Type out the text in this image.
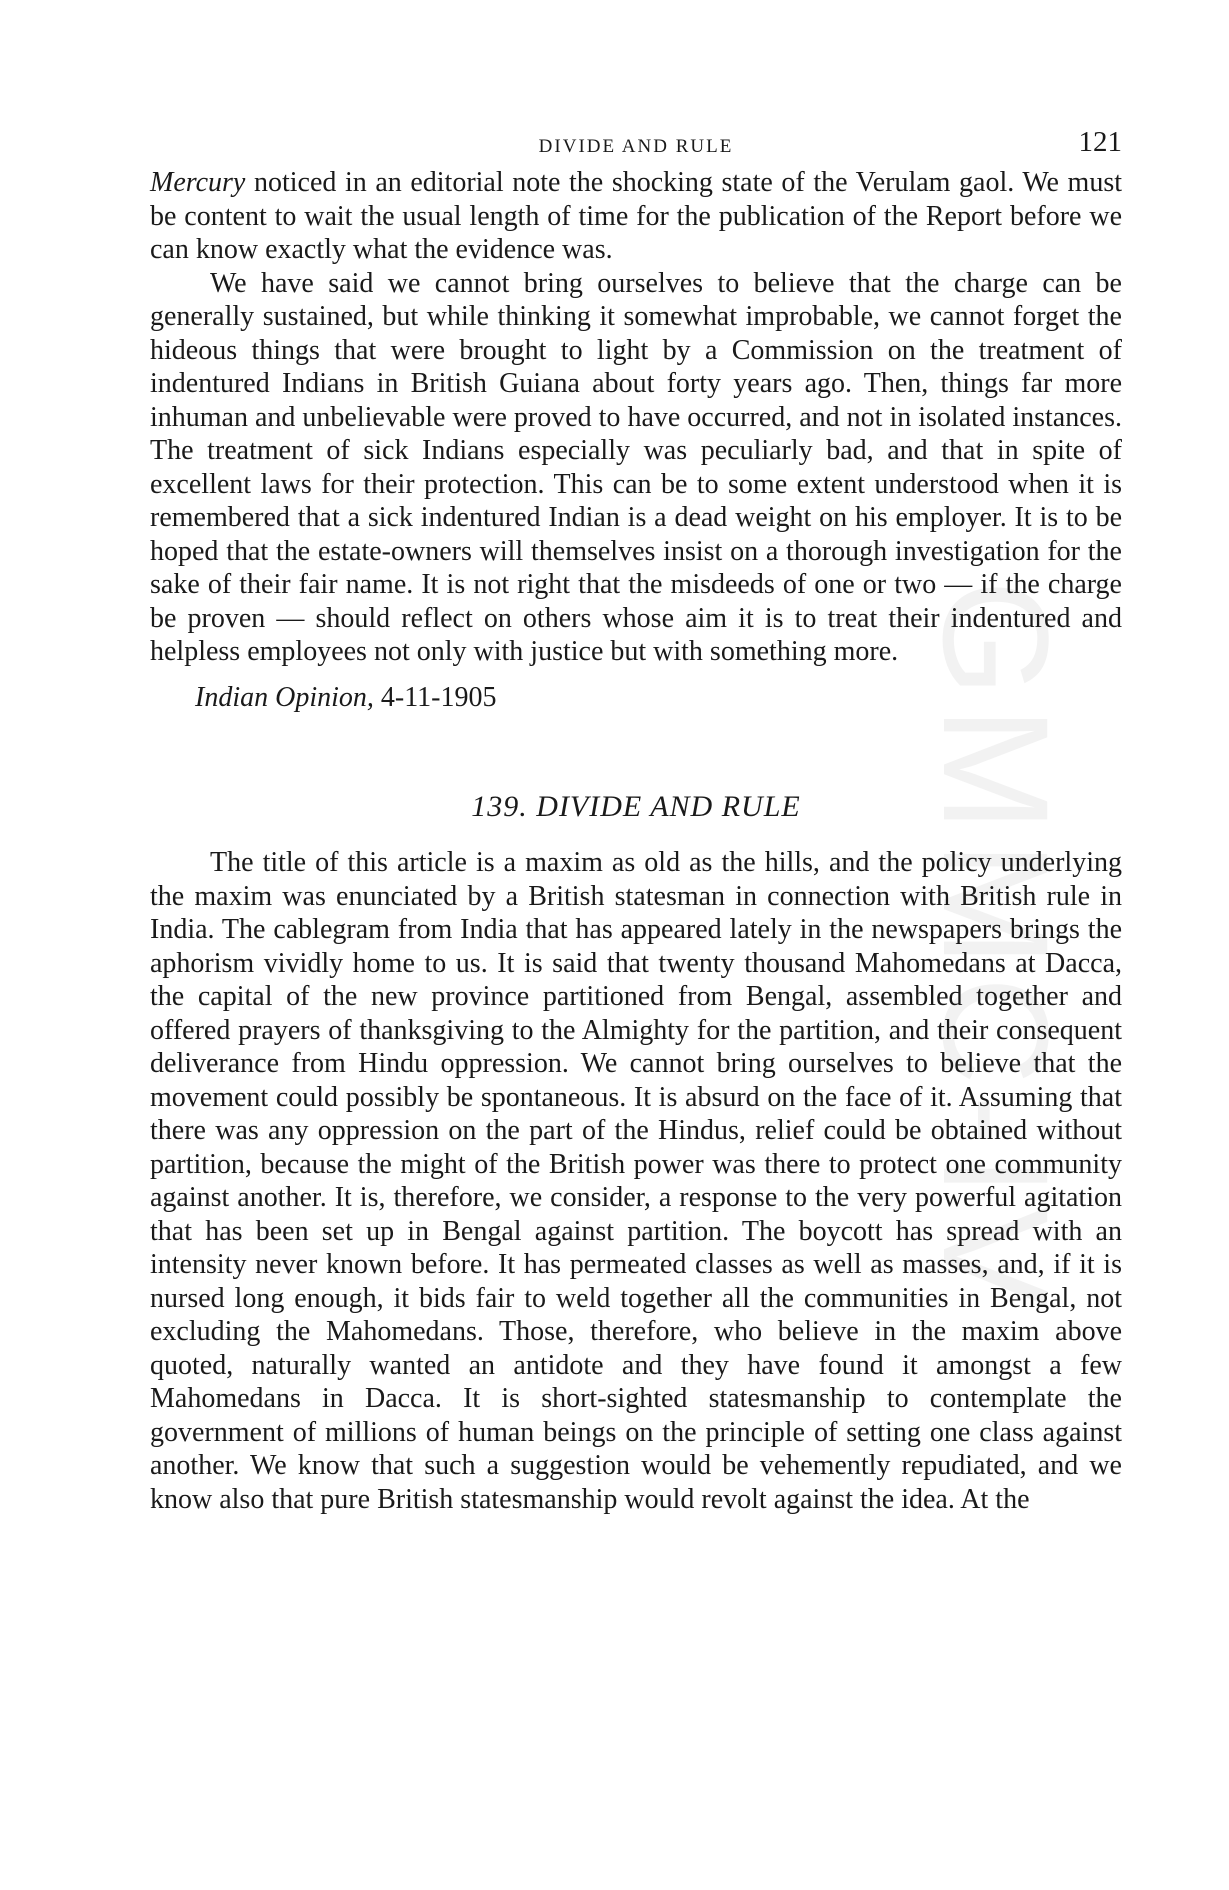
GMMC-IV
DIVIDE AND RULE	121

Mercury noticed in an editorial note the shocking state of the Verulam gaol. We must be content to wait the usual length of time for the publication of the Report before we can know exactly what the evidence was.

We have said we cannot bring ourselves to believe that the charge can be generally sustained, but while thinking it somewhat improbable, we cannot forget the hideous things that were brought to light by a Commission on the treatment of indentured Indians in British Guiana about forty years ago. Then, things far more inhuman and unbelievable were proved to have occurred, and not in isolated instances. The treatment of sick Indians especially was peculiarly bad, and that in spite of excellent laws for their protection. This can be to some extent understood when it is remembered that a sick indentured Indian is a dead weight on his employer. It is to be hoped that the estate-owners will themselves insist on a thorough investigation for the sake of their fair name. It is not right that the misdeeds of one or two — if the charge be proven — should reflect on others whose aim it is to treat their indentured and helpless employees not only with justice but with something more.

Indian Opinion, 4-11-1905
139. DIVIDE AND RULE

The title of this article is a maxim as old as the hills, and the policy underlying the maxim was enunciated by a British statesman in connection with British rule in India. The cablegram from India that has appeared lately in the newspapers brings the aphorism vividly home to us. It is said that twenty thousand Mahomedans at Dacca, the capital of the new province partitioned from Bengal, assembled together and offered prayers of thanksgiving to the Almighty for the partition, and their consequent deliverance from Hindu oppression. We cannot bring ourselves to believe that the movement could possibly be spontaneous. It is absurd on the face of it. Assuming that there was any oppression on the part of the Hindus, relief could be obtained without partition, because the might of the British power was there to protect one community against another. It is, therefore, we consider, a response to the very powerful agitation that has been set up in Bengal against partition. The boycott has spread with an intensity never known before. It has permeated classes as well as masses, and, if it is nursed long enough, it bids fair to weld together all the communities in Bengal, not excluding the Mahomedans. Those, therefore, who believe in the maxim above quoted, naturally wanted an antidote and they have found it amongst a few Mahomedans in Dacca. It is short-sighted statesmanship to contemplate the government of millions of human beings on the principle of setting one class against another. We know that such a suggestion would be vehemently repudiated, and we know also that pure British statesmanship would revolt against the idea. At the
